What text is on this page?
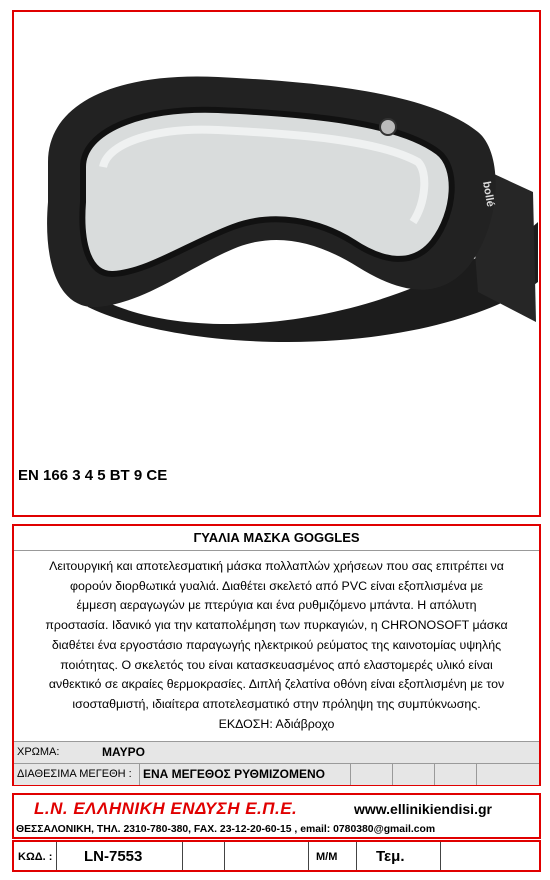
bollé
EN 166 3 4 5 BT 9 CE
ΓΥΑΛΙΑ ΜΑΣΚΑ GOGGLES
Λειτουργική και αποτελεσματική μάσκα πολλαπλών χρήσεων που σας επιτρέπει να
φορούν διορθωτικά γυαλιά. Διαθέτει σκελετό από PVC είναι εξοπλισμένα με
έμμεση αεραγωγών με πτερύγια και ένα ρυθμιζόμενο μπάντα. Η απόλυτη
προστασία. Ιδανικό για την καταπολέμηση των πυρκαγιών, η CHRONOSOFT μάσκα
διαθέτει ένα εργοστάσιο παραγωγής ηλεκτρικού ρεύματος της καινοτομίας υψηλής
ποιότητας. Ο σκελετός του είναι κατασκευασμένος από ελαστομερές υλικό είναι
ανθεκτικό σε ακραίες θερμοκρασίες. Διπλή ζελατίνα οθόνη είναι εξοπλισμένη με τον
ισοσταθμιστή, ιδιαίτερα αποτελεσματικό στην πρόληψη της συμπύκνωσης.
ΕΚΔΟΣΗ: Αδιάβροχο
ΧΡΩΜΑ:	ΜΑΥΡΟ
ΔΙΑΘΕΣΙΜΑ ΜΕΓΕΘΗ : ΕΝΑ ΜΕΓΕΘΟΣ ΡΥΘΜΙΖΟΜΕΝΟ
L.N. ΕΛΛΗΝΙΚΗ ΕΝΔΥΣΗ Ε.Π.Ε.	www.ellinikiendisi.gr
ΘΕΣΣΑΛΟΝΙΚΗ, ΤΗΛ. 2310-780-380, FAX. 23-12-20-60-15 , email: 0780380@gmail.com
ΚΩΔ. : LN-7553	Μ/Μ	Τεμ.
